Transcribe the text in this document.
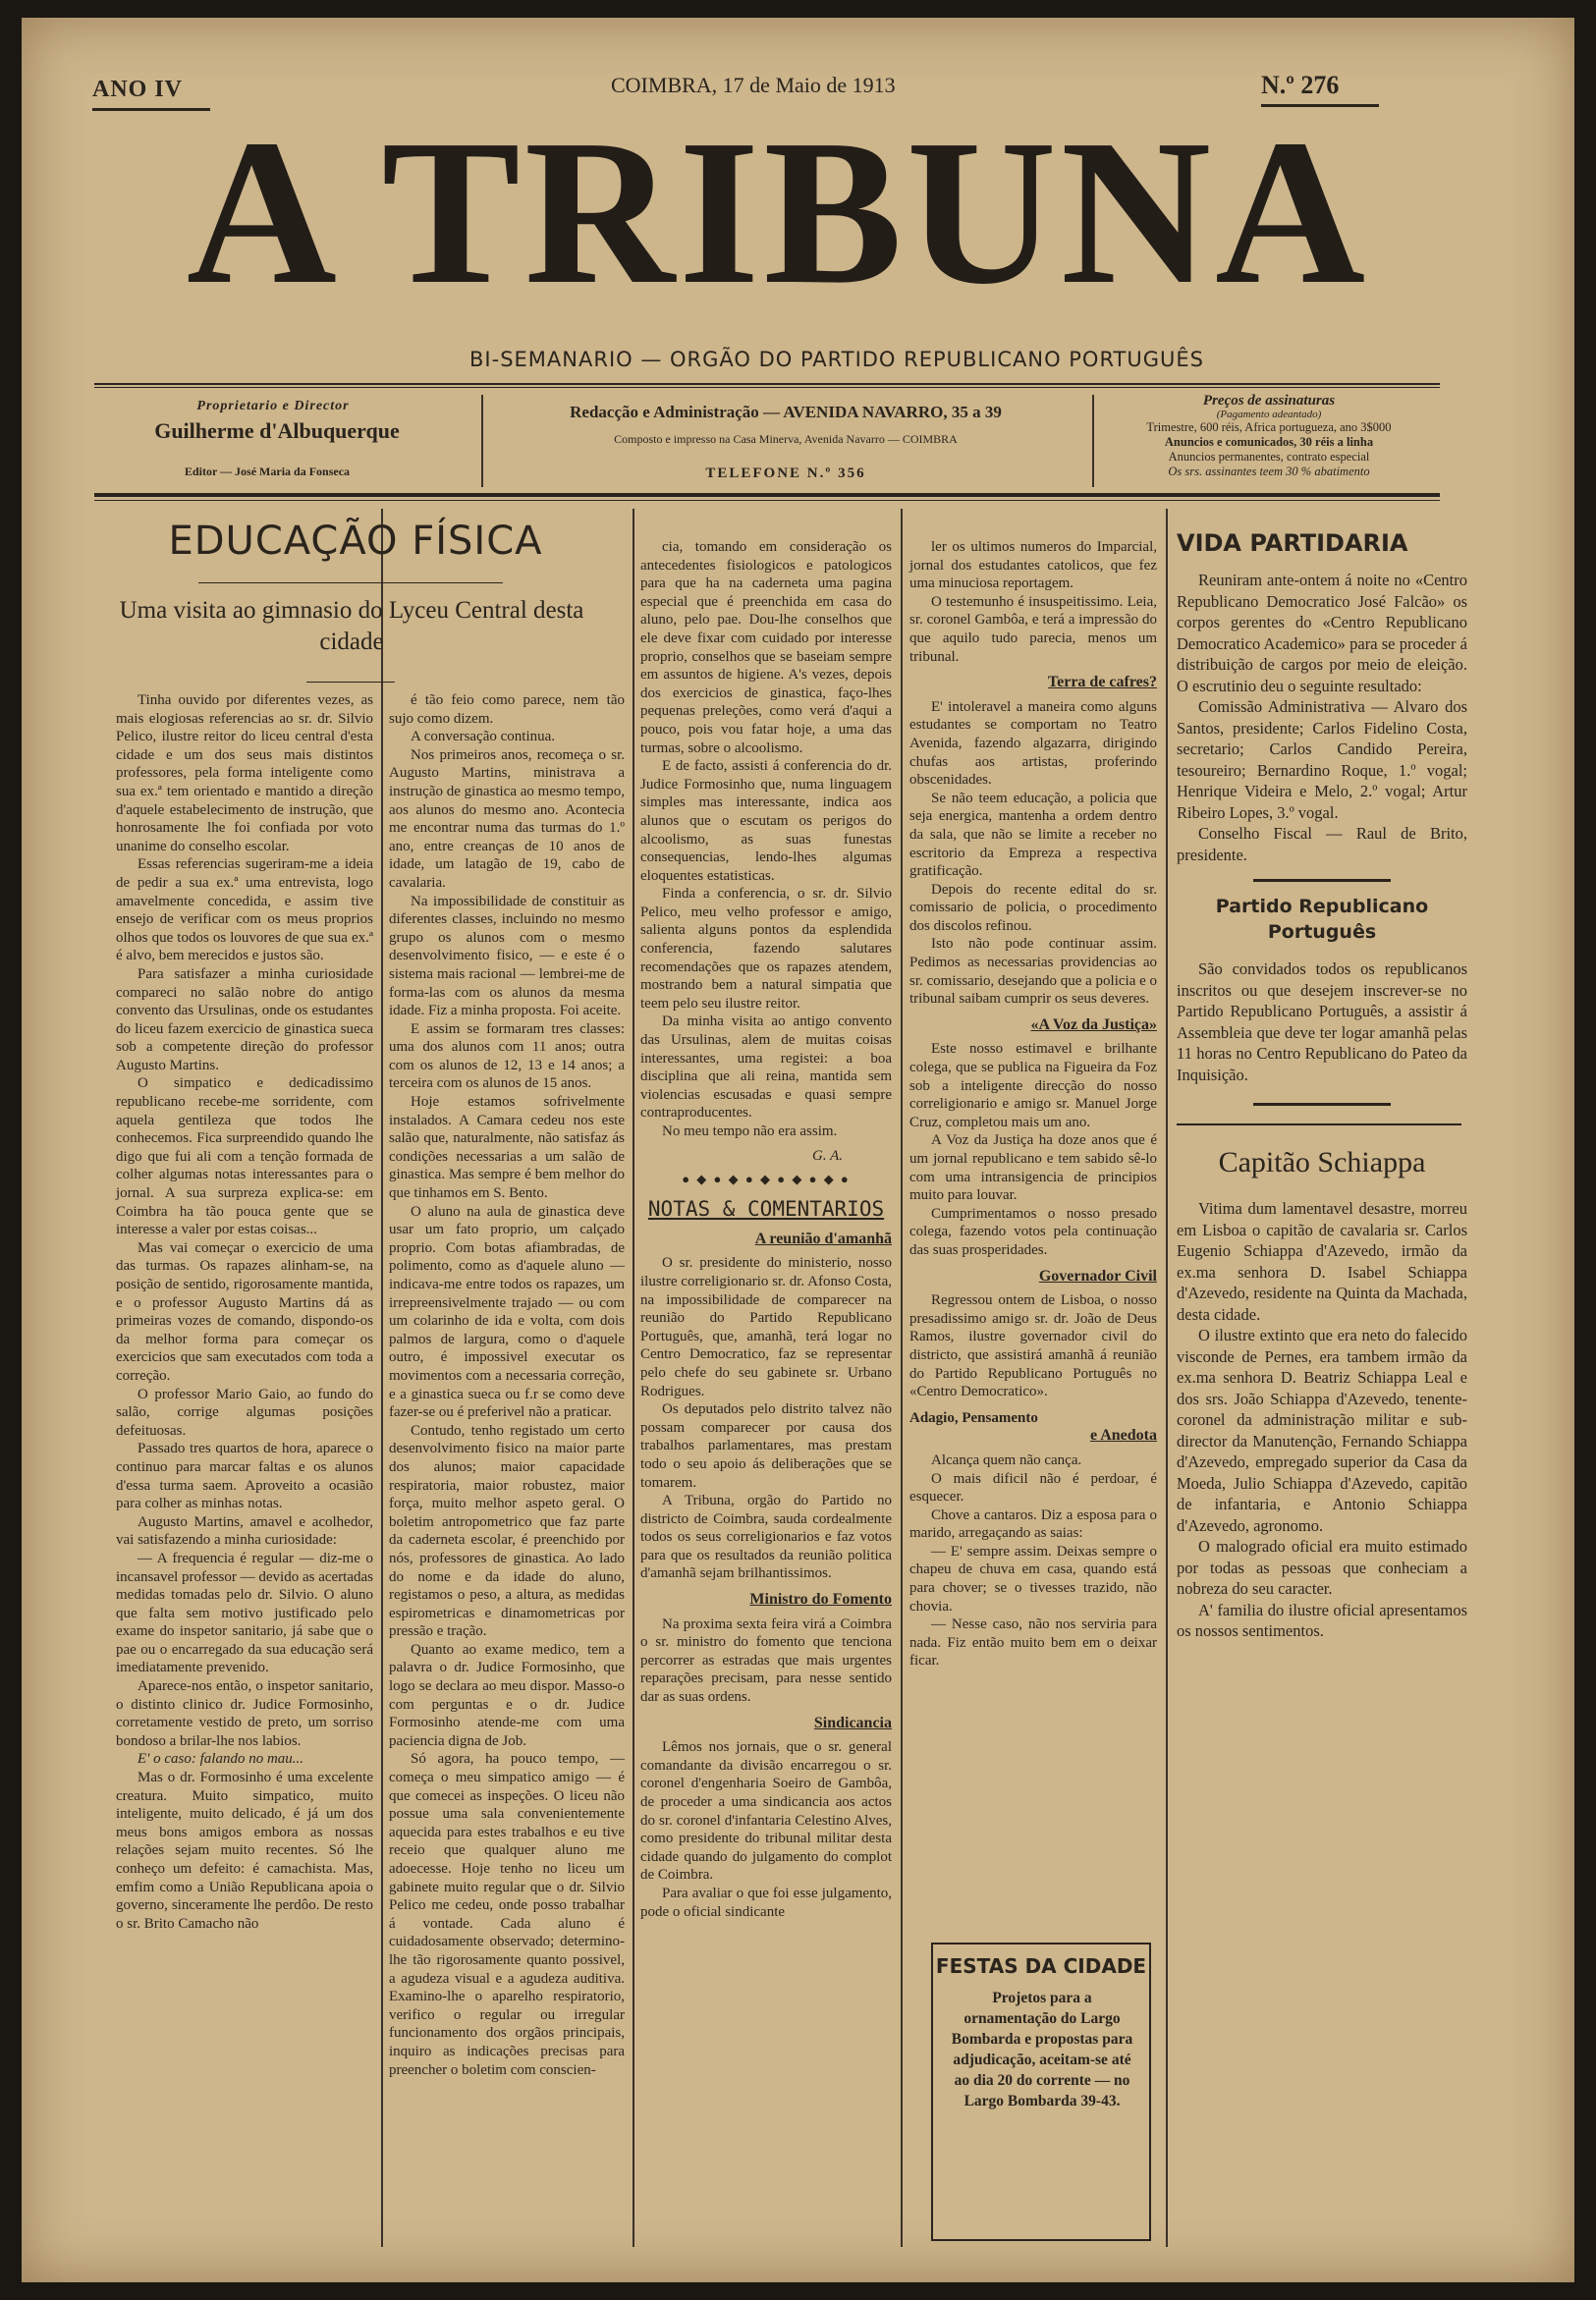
ANO IV	COIMBRA, 17 de Maio de 1913	N.º 276
A TRIBUNA
BI-SEMANARIO — ORGÃO DO PARTIDO REPUBLICANO PORTUGUÊS
Proprietario e Director
Guilherme d'Albuquerque
Editor — José Maria da Fonseca
Redacção e Administração — AVENIDA NAVARRO, 35 a 39
Composto e impresso na Casa Minerva, Avenida Navarro — COIMBRA
TELEFONE N.º 356
Preços de assinaturas
(Pagamento adeantado)
Trimestre, 600 réis, Africa portugueza, ano 3$000
Anuncios e comunicados, 30 réis a linha
Anuncios permanentes, contrato especial
Os srs. assinantes teem 30 % abatimento
EDUCAÇÃO FÍSICA
Uma visita ao gimnasio do Lyceu Central desta cidade

Tinha ouvido por diferentes vezes, as mais elogiosas referencias ao sr. dr. Silvio Pelico, ilustre reitor do liceu central d'esta cidade e um dos seus mais distintos professores, pela forma inteligente como sua ex.ª tem orientado e mantido a direção d'aquele estabelecimento de instrução, que honrosamente lhe foi confiada por voto unanime do conselho escolar.

Essas referencias sugeriram-me a ideia de pedir a sua ex.ª uma entrevista, logo amavelmente concedida, e assim tive ensejo de verificar com os meus proprios olhos que todos os louvores de que sua ex.ª é alvo, bem merecidos e justos são.

Para satisfazer a minha curiosidade compareci no salão nobre do antigo convento das Ursulinas, onde os estudantes do liceu fazem exercicio de ginastica sueca sob a competente direção do professor Augusto Martins.

O simpatico e dedicadissimo republicano recebe-me sorridente, com aquela gentileza que todos lhe conhecemos. Fica surpreendido quando lhe digo que fui ali com a tenção formada de colher algumas notas interessantes para o jornal. A sua surpreza explica-se: em Coimbra ha tão pouca gente que se interesse a valer por estas coisas...

Mas vai começar o exercicio de uma das turmas. Os rapazes alinham-se, na posição de sentido, rigorosamente mantida, e o professor Augusto Martins dá as primeiras vozes de comando, dispondo-os da melhor forma para começar os exercicios que sam executados com toda a correção.

O professor Mario Gaio, ao fundo do salão, corrige algumas posições defeituosas.

Passado tres quartos de hora, aparece o continuo para marcar faltas e os alunos d'essa turma saem. Aproveito a ocasião para colher as minhas notas.

Augusto Martins, amavel e acolhedor, vai satisfazendo a minha curiosidade:

— A frequencia é regular — diz-me o incansavel professor — devido as acertadas medidas tomadas pelo dr. Silvio. O aluno que falta sem motivo justificado pelo exame do inspetor sanitario, já sabe que o pae ou o encarregado da sua educação será imediatamente prevenido.

Aparece-nos então, o inspetor sanitario, o distinto clinico dr. Judice Formosinho, corretamente vestido de preto, um sorriso bondoso a brilar-lhe nos labios.

E' o caso: falando no mau...

Mas o dr. Formosinho é uma excelente creatura. Muito simpatico, muito inteligente, muito delicado, é já um dos meus bons amigos embora as nossas relações sejam muito recentes. Só lhe conheço um defeito: é camachista. Mas, emfim como a União Republicana apoia o governo, sinceramente lhe perdôo. De resto o sr. Brito Camacho não

é tão feio como parece, nem tão sujo como dizem.

A conversação continua.

Nos primeiros anos, recomeça o sr. Augusto Martins, ministrava a instrução de ginastica ao mesmo tempo, aos alunos do mesmo ano. Acontecia me encontrar numa das turmas do 1.º ano, entre creanças de 10 anos de idade, um latagão de 19, cabo de cavalaria.

Na impossibilidade de constituir as diferentes classes, incluindo no mesmo grupo os alunos com o mesmo desenvolvimento fisico, — e este é o sistema mais racional — lembrei-me de forma-las com os alunos da mesma idade. Fiz a minha proposta. Foi aceite.

E assim se formaram tres classes: uma dos alunos com 11 anos; outra com os alunos de 12, 13 e 14 anos; a terceira com os alunos de 15 anos.

Hoje estamos sofrivelmente instalados. A Camara cedeu nos este salão que, naturalmente, não satisfaz ás condições necessarias a um salão de ginastica. Mas sempre é bem melhor do que tinhamos em S. Bento.

O aluno na aula de ginastica deve usar um fato proprio, um calçado proprio. Com botas afiambradas, de polimento, como as d'aquele aluno — indicava-me entre todos os rapazes, um irrepreensivelmente trajado — ou com um colarinho de ida e volta, com dois palmos de largura, como o d'aquele outro, é impossivel executar os movimentos com a necessaria correção, e a ginastica sueca ou f.r se como deve fazer-se ou é preferivel não a praticar.

Contudo, tenho registado um certo desenvolvimento fisico na maior parte dos alunos; maior capacidade respiratoria, maior robustez, maior força, muito melhor aspeto geral. O boletim antropometrico que faz parte da caderneta escolar, é preenchido por nós, professores de ginastica. Ao lado do nome e da idade do aluno, registamos o peso, a altura, as medidas espirometricas e dinamometricas por pressão e tração.

Quanto ao exame medico, tem a palavra o dr. Judice Formosinho, que logo se declara ao meu dispor. Masso-o com perguntas e o dr. Judice Formosinho atende-me com uma paciencia digna de Job.

Só agora, ha pouco tempo, — começa o meu simpatico amigo — é que comecei as inspeções. O liceu não possue uma sala convenientemente aquecida para estes trabalhos e eu tive receio que qualquer aluno me adoecesse. Hoje tenho no liceu um gabinete muito regular que o dr. Silvio Pelico me cedeu, onde posso trabalhar á vontade. Cada aluno é cuidadosamente observado; determino-lhe tão rigorosamente quanto possivel, a agudeza visual e a agudeza auditiva. Examino-lhe o aparelho respiratorio, verifico o regular ou irregular funcionamento dos orgãos principais, inquiro as indicações precisas para preencher o boletim com conscien-

cia, tomando em consideração os antecedentes fisiologicos e patologicos para que ha na caderneta uma pagina especial que é preenchida em casa do aluno, pelo pae. Dou-lhe conselhos que ele deve fixar com cuidado por interesse proprio, conselhos que se baseiam sempre em assuntos de higiene. A's vezes, depois dos exercicios de ginastica, faço-lhes pequenas preleções, como verá d'aqui a pouco, pois vou fatar hoje, a uma das turmas, sobre o alcoolismo.

E de facto, assisti á conferencia do dr. Judice Formosinho que, numa linguagem simples mas interessante, indica aos alunos que o escutam os perigos do alcoolismo, as suas funestas consequencias, lendo-lhes algumas eloquentes estatisticas.

Finda a conferencia, o sr. dr. Silvio Pelico, meu velho professor e amigo, salienta alguns pontos da esplendida conferencia, fazendo salutares recomendações que os rapazes atendem, mostrando bem a natural simpatia que teem pelo seu ilustre reitor.

Da minha visita ao antigo convento das Ursulinas, alem de muitas coisas interessantes, uma registei: a boa disciplina que ali reina, mantida sem violencias escusadas e quasi sempre contraproducentes.

No meu tempo não era assim.

G. A.
● ◆ ● ◆ ● ◆ ● ◆ ● ◆ ●
NOTAS & COMENTARIOS
A reunião d'amanhã

O sr. presidente do ministerio, nosso ilustre correligionario sr. dr. Afonso Costa, na impossibilidade de comparecer na reunião do Partido Republicano Português, que, amanhã, terá logar no Centro Democratico, faz se representar pelo chefe do seu gabinete sr. Urbano Rodrigues.

Os deputados pelo distrito talvez não possam comparecer por causa dos trabalhos parlamentares, mas prestam todo o seu apoio ás deliberações que se tomarem.

A Tribuna, orgão do Partido no districto de Coimbra, sauda cordealmente todos os seus correligionarios e faz votos para que os resultados da reunião politica d'amanhã sejam brilhantissimos.

Ministro do Fomento

Na proxima sexta feira virá a Coimbra o sr. ministro do fomento que tenciona percorrer as estradas que mais urgentes reparações precisam, para nesse sentido dar as suas ordens.

Sindicancia

Lêmos nos jornais, que o sr. general comandante da divisão encarregou o sr. coronel d'engenharia Soeiro de Gambôa, de proceder a uma sindicancia aos actos do sr. coronel d'infantaria Celestino Alves, como presidente do tribunal militar desta cidade quando do julgamento do complot de Coimbra.

Para avaliar o que foi esse julgamento, pode o oficial sindicante

ler os ultimos numeros do Imparcial, jornal dos estudantes catolicos, que fez uma minuciosa reportagem.

O testemunho é insuspeitissimo. Leia, sr. coronel Gambôa, e terá a impressão do que aquilo tudo parecia, menos um tribunal.

Terra de cafres?

E' intoleravel a maneira como alguns estudantes se comportam no Teatro Avenida, fazendo algazarra, dirigindo chufas aos artistas, proferindo obscenidades.

Se não teem educação, a policia que seja energica, mantenha a ordem dentro da sala, que não se limite a receber no escritorio da Empreza a respectiva gratificação.

Depois do recente edital do sr. comissario de policia, o procedimento dos discolos refinou.

Isto não pode continuar assim. Pedimos as necessarias providencias ao sr. comissario, desejando que a policia e o tribunal saibam cumprir os seus deveres.

«A Voz da Justiça»

Este nosso estimavel e brilhante colega, que se publica na Figueira da Foz sob a inteligente direcção do nosso correligionario e amigo sr. Manuel Jorge Cruz, completou mais um ano.

A Voz da Justiça ha doze anos que é um jornal republicano e tem sabido sê-lo com uma intransigencia de principios muito para louvar.

Cumprimentamos o nosso presado colega, fazendo votos pela continuação das suas prosperidades.

Governador Civil

Regressou ontem de Lisboa, o nosso presadissimo amigo sr. dr. João de Deus Ramos, ilustre governador civil do districto, que assistirá amanhã á reunião do Partido Republicano Português no «Centro Democratico».

Adagio, Pensamento
e Anedota

Alcança quem não cança.

O mais dificil não é perdoar, é esquecer.

Chove a cantaros. Diz a esposa para o marido, arregaçando as saias:

— E' sempre assim. Deixas sempre o chapeu de chuva em casa, quando está para chover; se o tivesses trazido, não chovia.

— Nesse caso, não nos serviria para nada. Fiz então muito bem em o deixar ficar.

FESTAS DA CIDADE
Projetos para a ornamentação do Largo Bombarda e propostas para adjudicação, aceitam-se até ao dia 20 do corrente — no Largo Bombarda 39-43.
VIDA PARTIDARIA

Reuniram ante-ontem á noite no «Centro Republicano Democratico José Falcão» os corpos gerentes do «Centro Republicano Democratico Academico» para se proceder á distribuição de cargos por meio de eleição. O escrutinio deu o seguinte resultado:

Comissão Administrativa — Alvaro dos Santos, presidente; Carlos Fidelino Costa, secretario; Carlos Candido Pereira, tesoureiro; Bernardino Roque, 1.º vogal; Henrique Videira e Melo, 2.º vogal; Artur Ribeiro Lopes, 3.º vogal.

Conselho Fiscal — Raul de Brito, presidente.

Partido Republicano Português

São convidados todos os republicanos inscritos ou que desejem inscrever-se no Partido Republicano Português, a assistir á Assembleia que deve ter logar amanhã pelas 11 horas no Centro Republicano do Pateo da Inquisição.

Capitão Schiappa

Vitima dum lamentavel desastre, morreu em Lisboa o capitão de cavalaria sr. Carlos Eugenio Schiappa d'Azevedo, irmão da ex.ma senhora D. Isabel Schiappa d'Azevedo, residente na Quinta da Machada, desta cidade.

O ilustre extinto que era neto do falecido visconde de Pernes, era tambem irmão da ex.ma senhora D. Beatriz Schiappa Leal e dos srs. João Schiappa d'Azevedo, tenente-coronel da administração militar e sub-director da Manutenção, Fernando Schiappa d'Azevedo, empregado superior da Casa da Moeda, Julio Schiappa d'Azevedo, capitão de infantaria, e Antonio Schiappa d'Azevedo, agronomo.

O malogrado oficial era muito estimado por todas as pessoas que conheciam a nobreza do seu caracter.

A' familia do ilustre oficial apresentamos os nossos sentimentos.
